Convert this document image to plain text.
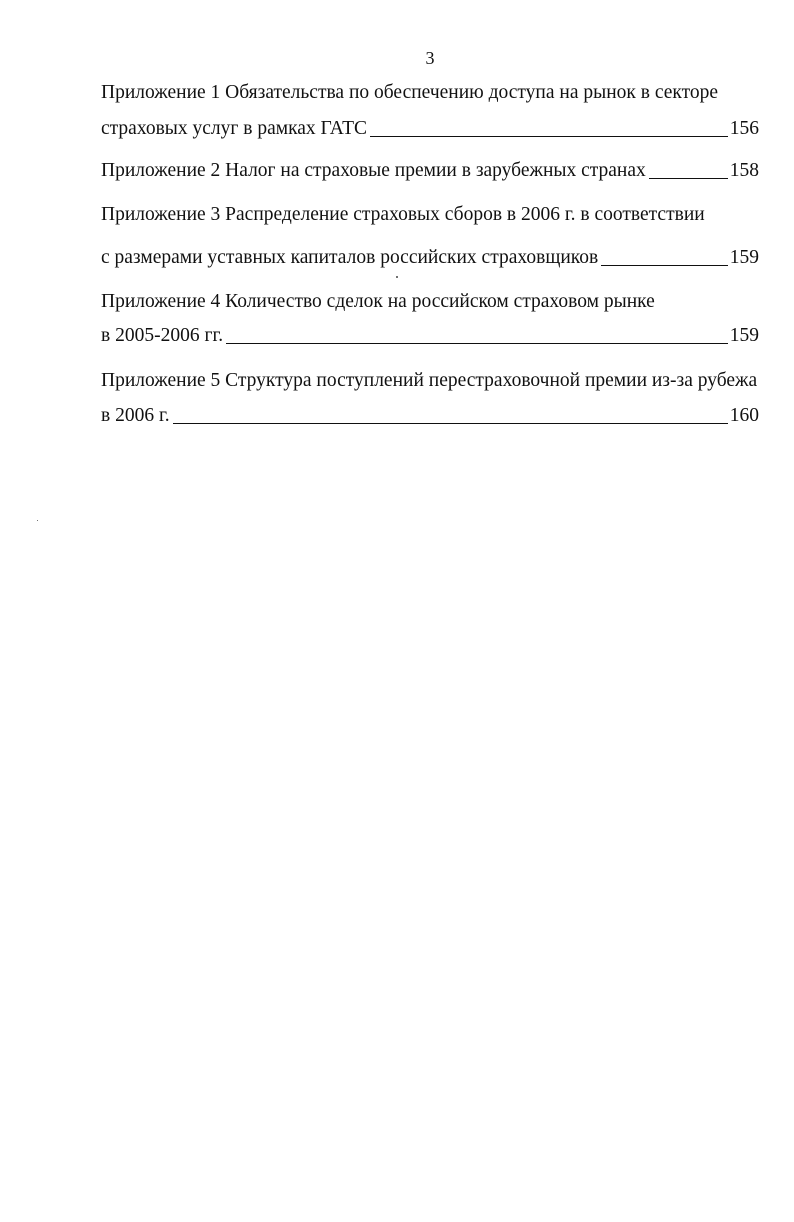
3
Приложение 1 Обязательства по обеспечению доступа на рынок в секторе
страховых услуг в рамках ГАТС	156
Приложение 2 Налог на страховые премии в зарубежных странах	158
Приложение 3 Распределение страховых сборов в 2006 г. в соответствии
с размерами уставных капиталов российских страховщиков	159
Приложение 4 Количество сделок на российском страховом рынке
в 2005-2006 гг.	159
Приложение 5 Структура поступлений перестраховочной премии из-за рубежа
в 2006 г.	160
